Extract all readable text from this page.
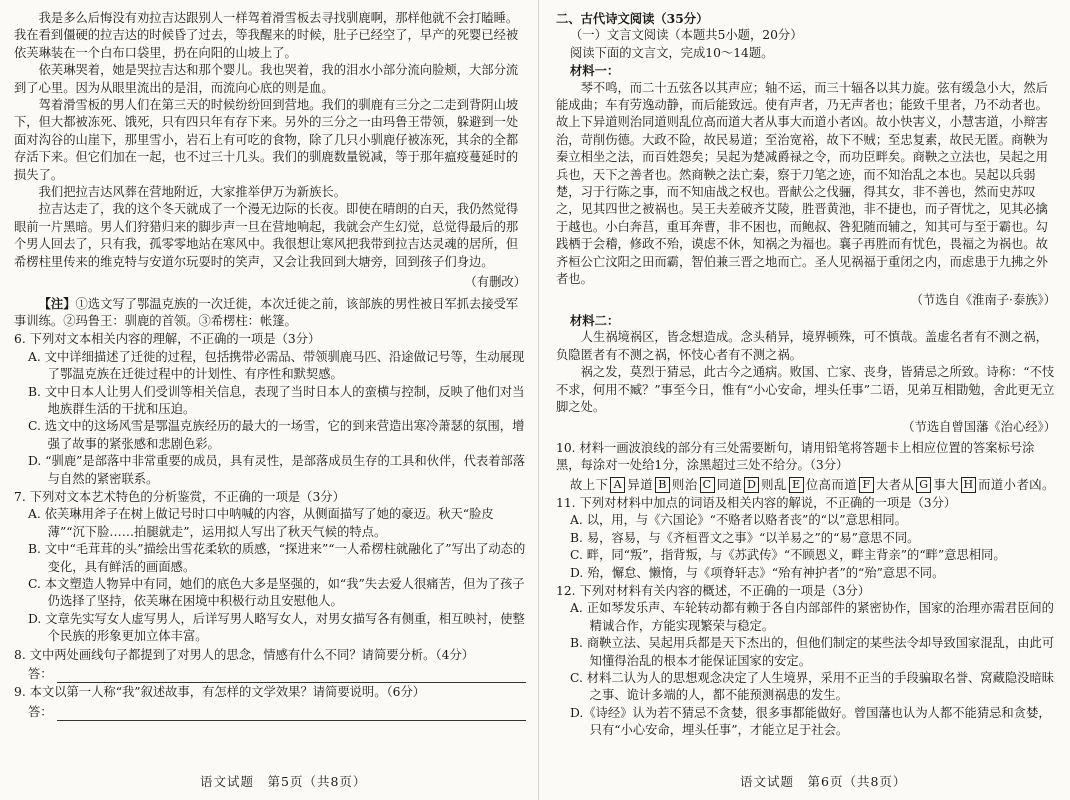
我是多么后悔没有劝拉吉达跟别人一样驾着滑雪板去寻找驯鹿啊，那样他就不会打瞌睡。我在看到僵硬的拉吉达的时候昏了过去，等我醒来的时候，肚子已经空了，早产的死婴已经被依芙琳装在一个白布口袋里，扔在向阳的山坡上了。

依芙琳哭着，她是哭拉吉达和那个婴儿。我也哭着，我的泪水小部分流向脸颊，大部分流到了心里。因为从眼里流出的是泪，而流向心底的则是血。

驾着滑雪板的男人们在第三天的时候纷纷回到营地。我们的驯鹿有三分之二走到背阴山坡下，但大都被冻死、饿死，只有四只年有存下来。另外的三分之一由玛鲁王带领，躲避到一处面对沟谷的山崖下，那里雪小，岩石上有可吃的食物，除了几只小驯鹿仔被冻死，其余的全都存活下来。但它们加在一起，也不过三十几头。我们的驯鹿数量锐减，等于那年瘟疫蔓延时的损失了。

我们把拉吉达风葬在营地附近，大家推举伊万为新族长。

拉吉达走了，我的这个冬天就成了一个漫无边际的长夜。即使在晴朗的白天，我仍然觉得眼前一片黑暗。男人们狩猎归来的脚步声一旦在营地响起，我就会产生幻觉，总觉得最后的那个男人回去了，只有我，孤零零地站在寒风中。我很想让寒风把我带到拉吉达灵魂的居所，但希楞柱里传来的维克特与安道尔玩耍时的笑声，又会让我回到大塘旁，回到孩子们身边。

（有删改）

【注】①选文写了鄂温克族的一次迁徙，本次迁徙之前，该部族的男性被日军抓去接受军事训练。②玛鲁王：驯鹿的首领。③希楞柱：帐篷。

6. 下列对文本相关内容的理解，不正确的一项是（3分）

A. 文中详细描述了迁徙的过程，包括携带必需品、带领驯鹿马匹、沿途做记号等，生动展现了鄂温克族在迁徙过程中的计划性、有序性和默契感。

B. 文中日本人让男人们受训等相关信息，表现了当时日本人的蛮横与控制，反映了他们对当地族群生活的干扰和压迫。

C. 选文中的这场风雪是鄂温克族经历的最大的一场雪，它的到来营造出寒冷萧瑟的氛围，增强了故事的紧张感和悲剧色彩。

D. “驯鹿”是部落中非常重要的成员，具有灵性，是部落成员生存的工具和伙伴，代表着部落与自然的紧密联系。

7. 下列对文本艺术特色的分析鉴赏，不正确的一项是（3分）

A. 依芙琳用斧子在树上做记号时口中呐喊的内容，从侧面描写了她的豪迈。秋天“脸皮薄”“沉下脸……拍腿就走”，运用拟人写出了秋天气候的特点。

B. 文中“毛茸茸的头”描绘出雪花柔软的质感，“探进来”“一人希楞柱就融化了”写出了动态的变化，具有鲜活的画面感。

C. 本文塑造人物异中有同，她们的底色大多是坚强的，如“我”失去爱人很痛苦，但为了孩子仍选择了坚持，依芙琳在困境中积极行动且安慰他人。

D. 文章先实写女人虚写男人，后详写男人略写女人，对男女描写各有侧重，相互映衬，使整个民族的形象更加立体丰富。

8. 文中两处画线句子都提到了对男人的思念，情感有什么不同？请简要分析。（4分）

答：

9. 本文以第一人称“我”叙述故事，有怎样的文学效果？请简要说明。（6分）

答：
语文试题　第5页（共8页）

二、古代诗文阅读（35分）

（一）文言文阅读（本题共5小题，20分）

阅读下面的文言文，完成10～14题。

材料一：

琴不鸣，而二十五弦各以其声应；轴不运，而三十辐各以其力旋。弦有缓急小大，然后能成曲；车有劳逸动静，而后能致远。使有声者，乃无声者也；能致千里者，乃不动者也。故上下异道则治同道则乱位高而道大者从事大而道小者凶。故小快害义，小慧害道，小辩害治，苛削伤德。大政不险，故民易道；至治宽裕，故下不贼；至忠复素，故民无匿。商鞅为秦立相坐之法，而百姓怨矣；吴起为楚减爵禄之令，而功臣畔矣。商鞅之立法也，吴起之用兵也，天下之善者也。然商鞅之法亡秦，察于刀笔之迹，而不知治乱之本也。吴起以兵弱楚，习于行陈之事，而不知庙战之权也。晋献公之伐骊，得其女，非不善也，然而史苏叹之，见其四世之被祸也。吴王夫差破齐艾陵，胜晋黄池，非不捷也，而子胥忧之，见其必擒于越也。小白奔莒，重耳奔曹，非不困也，而鲍叔、咎犯随而辅之，知其可与至于霸也。勾践栖于会稽，修政不殆，谟虑不休，知祸之为福也。襄子再胜而有忧色，畏福之为祸也。故齐桓公亡汶阳之田而霸，智伯兼三晋之地而亡。圣人见祸福于重闭之内，而虑患于九拂之外者也。

（节选自《淮南子·泰族》）

材料二：

人生祸境祸区，皆念想造成。念头稍异，境界顿殊，可不慎哉。盖虚名者有不测之祸，负隐匿者有不测之祸，怀忮心者有不测之祸。

祸之发，莫烈于猜忌，此古今之通病。败国、亡家、丧身，皆猜忌之所致。诗称：“不忮不求，何用不臧？”事至今日，惟有“小心安命，埋头任事”二语，见弟互相勖勉，舍此更无立脚之处。

（节选自曾国藩《治心经》）

10. 材料一画波浪线的部分有三处需要断句，请用铅笔将答题卡上相应位置的答案标号涂黑，每涂对一处给1分，涂黑超过三处不给分。（3分）

故上下 A 异道 B 则治 C 同道 D 则乱 E 位高而道 F 大者从 G 事大 H 而道小者凶。

11. 下列对材料中加点的词语及相关内容的解说，不正确的一项是（3分）

A. 以，用，与《六国论》“不赂者以赂者丧”的“以”意思相同。

B. 易，容易，与《齐桓晋文之事》“以羊易之”的“易”意思不同。

C. 畔，同“叛”，指背叛，与《苏武传》“不顾恩义，畔主背亲”的“畔”意思相同。

D. 殆，懈怠、懒惰，与《项脊轩志》“殆有神护者”的“殆”意思不同。

12. 下列对材料有关内容的概述，不正确的一项是（3分）

A. 正如琴发乐声、车轮转动都有赖于各自内部部件的紧密协作，国家的治理亦需君臣间的精诚合作，方能实现繁荣与稳定。

B. 商鞅立法、吴起用兵都是天下杰出的，但他们制定的某些法令却导致国家混乱，由此可知懂得治乱的根本才能保证国家的安定。

C. 材料二认为人的思想观念决定了人生境界，采用不正当的手段骗取名誉、窝藏隐没暗昧之事、诡计多端的人，都不能预测祸患的发生。

D.《诗经》认为若不猜忌不贪婪，很多事都能做好。曾国藩也认为人都不能猜忌和贪婪，只有“小心安命，埋头任事”，才能立足于社会。

语文试题　第6页（共8页）
